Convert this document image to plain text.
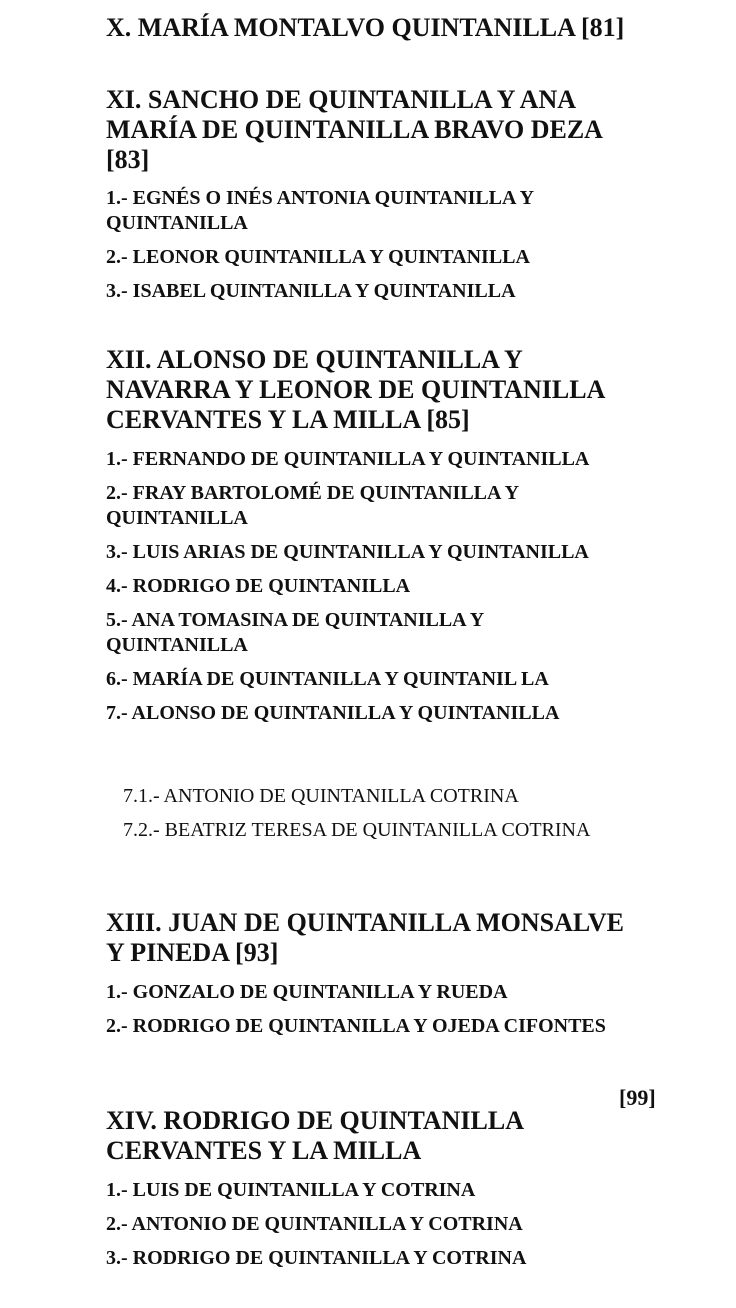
X. MARÍA MONTALVO QUINTANILLA [81]
XI. SANCHO DE QUINTANILLA Y ANA MARÍA DE QUINTANILLA BRAVO DEZA [83]
1.- EGNÉS O INÉS ANTONIA QUINTANILLA Y QUINTANILLA
2.- LEONOR QUINTANILLA Y QUINTANILLA
3.- ISABEL QUINTANILLA Y QUINTANILLA
XII. ALONSO DE QUINTANILLA Y NAVARRA Y LEONOR DE QUINTANILLA CERVANTES Y LA MILLA [85]
1.- FERNANDO DE QUINTANILLA Y QUINTANILLA
2.- FRAY BARTOLOMÉ DE QUINTANILLA Y QUINTANILLA
3.- LUIS ARIAS DE QUINTANILLA Y QUINTANILLA
4.- RODRIGO DE QUINTANILLA
5.- ANA TOMASINA DE QUINTANILLA Y QUINTANILLA
6.- MARÍA DE QUINTANILLA Y QUINTANIL LA
7.- ALONSO DE QUINTANILLA Y QUINTANILLA
7.1.- ANTONIO DE QUINTANILLA COTRINA
7.2.- BEATRIZ TERESA DE QUINTANILLA COTRINA
XIII. JUAN DE QUINTANILLA MONSALVE Y PINEDA [93]
1.- GONZALO DE QUINTANILLA Y RUEDA
2.- RODRIGO DE QUINTANILLA Y OJEDA CIFONTES
XIV. RODRIGO DE QUINTANILLA CERVANTES Y LA MILLA
1.- LUIS DE QUINTANILLA Y COTRINA
2.- ANTONIO DE QUINTANILLA Y COTRINA
3.- RODRIGO DE QUINTANILLA Y COTRINA
[99]
